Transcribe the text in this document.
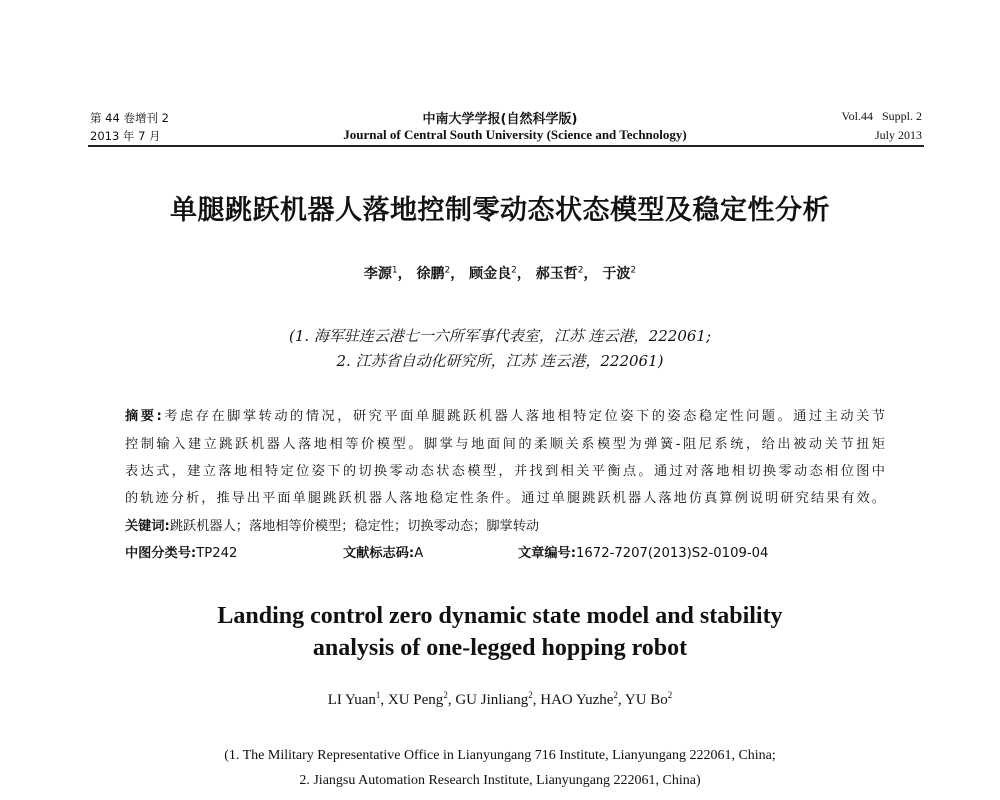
第 44 卷增刊 2
2013 年 7 月
中南大学学报(自然科学版)
Journal of Central South University (Science and Technology)
Vol.44   Suppl. 2
July 2013
单腿跳跃机器人落地控制零动态状态模型及稳定性分析
李源$^1$， 徐鹏$^2$， 顾金良$^2$， 郝玉哲$^2$， 于波$^2$
(1. 海军驻连云港七一六所军事代表室，江苏 连云港，222061;
2. 江苏省自动化研究所，江苏 连云港，222061)
摘要:考虑存在脚掌转动的情况，研究平面单腿跳跃机器人落地相特定位姿下的姿态稳定性问题。通过主动关节
控制输入建立跳跃机器人落地相等价模型。脚掌与地面间的柔顺关系模型为弹簧-阻尼系统，给出被动关节扭矩
表达式，建立落地相特定位姿下的切换零动态状态模型，并找到相关平衡点。通过对落地相切换零动态相位图中
的轨迹分析，推导出平面单腿跳跃机器人落地稳定性条件。通过单腿跳跃机器人落地仿真算例说明研究结果有效。
关键词:跳跃机器人；落地相等价模型；稳定性；切换零动态；脚掌转动
中图分类号:TP242	文献标志码:A	文章编号:1672-7207(2013)S2-0109-04
Landing control zero dynamic state model and stability
analysis of one-legged hopping robot
LI Yuan$^1$, XU Peng$^2$, GU Jinliang$^2$, HAO Yuzhe$^2$, YU Bo$^2$
(1. The Military Representative Office in Lianyungang 716 Institute, Lianyungang 222061, China;
2. Jiangsu Automation Research Institute, Lianyungang 222061, China)
